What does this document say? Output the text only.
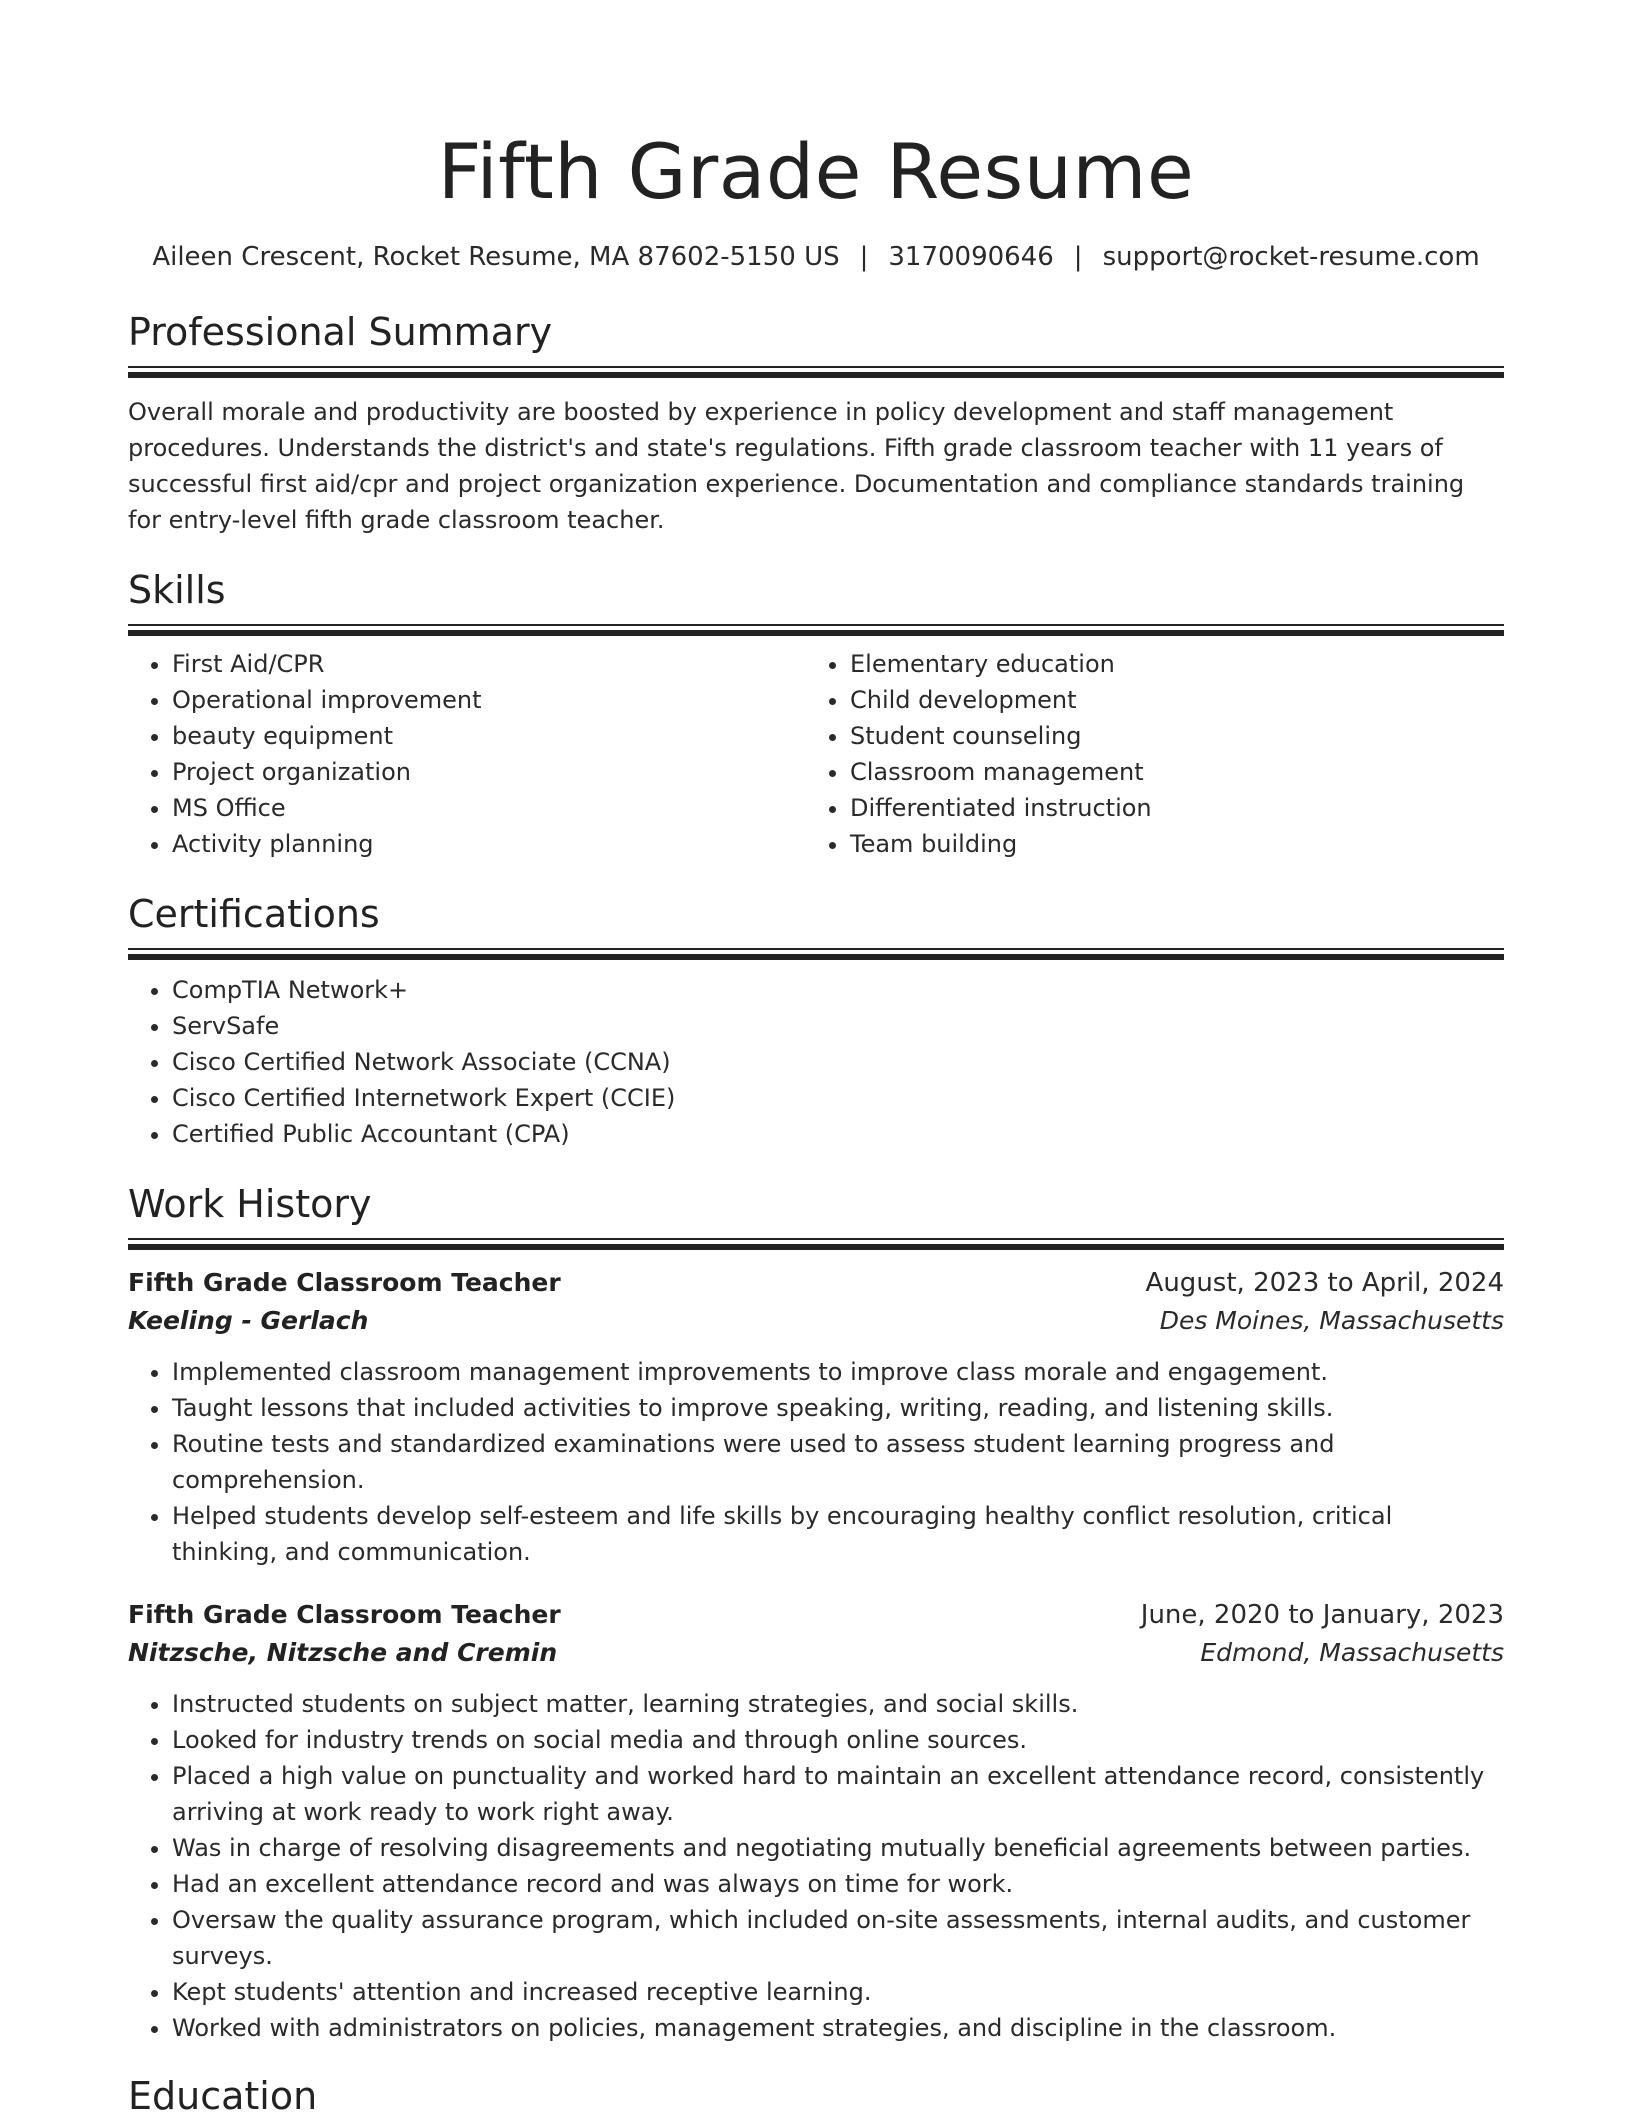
Fifth Grade Resume
Aileen Crescent, Rocket Resume, MA 87602-5150 US | 3170090646 | support@rocket-resume.com
Professional Summary
Overall morale and productivity are boosted by experience in policy development and staff management procedures. Understands the district's and state's regulations. Fifth grade classroom teacher with 11 years of successful first aid/cpr and project organization experience. Documentation and compliance standards training for entry-level fifth grade classroom teacher.
Skills
• First Aid/CPR
• Operational improvement
• beauty equipment
• Project organization
• MS Office
• Activity planning
• Elementary education
• Child development
• Student counseling
• Classroom management
• Differentiated instruction
• Team building
Certifications
• CompTIA Network+
• ServSafe
• Cisco Certified Network Associate (CCNA)
• Cisco Certified Internetwork Expert (CCIE)
• Certified Public Accountant (CPA)
Work History
Fifth Grade Classroom Teacher	August, 2023 to April, 2024
Keeling - Gerlach	Des Moines, Massachusetts
• Implemented classroom management improvements to improve class morale and engagement.
• Taught lessons that included activities to improve speaking, writing, reading, and listening skills.
• Routine tests and standardized examinations were used to assess student learning progress and comprehension.
• Helped students develop self-esteem and life skills by encouraging healthy conflict resolution, critical thinking, and communication.
Fifth Grade Classroom Teacher	June, 2020 to January, 2023
Nitzsche, Nitzsche and Cremin	Edmond, Massachusetts
• Instructed students on subject matter, learning strategies, and social skills.
• Looked for industry trends on social media and through online sources.
• Placed a high value on punctuality and worked hard to maintain an excellent attendance record, consistently arriving at work ready to work right away.
• Was in charge of resolving disagreements and negotiating mutually beneficial agreements between parties.
• Had an excellent attendance record and was always on time for work.
• Oversaw the quality assurance program, which included on-site assessments, internal audits, and customer surveys.
• Kept students' attention and increased receptive learning.
• Worked with administrators on policies, management strategies, and discipline in the classroom.
Education
